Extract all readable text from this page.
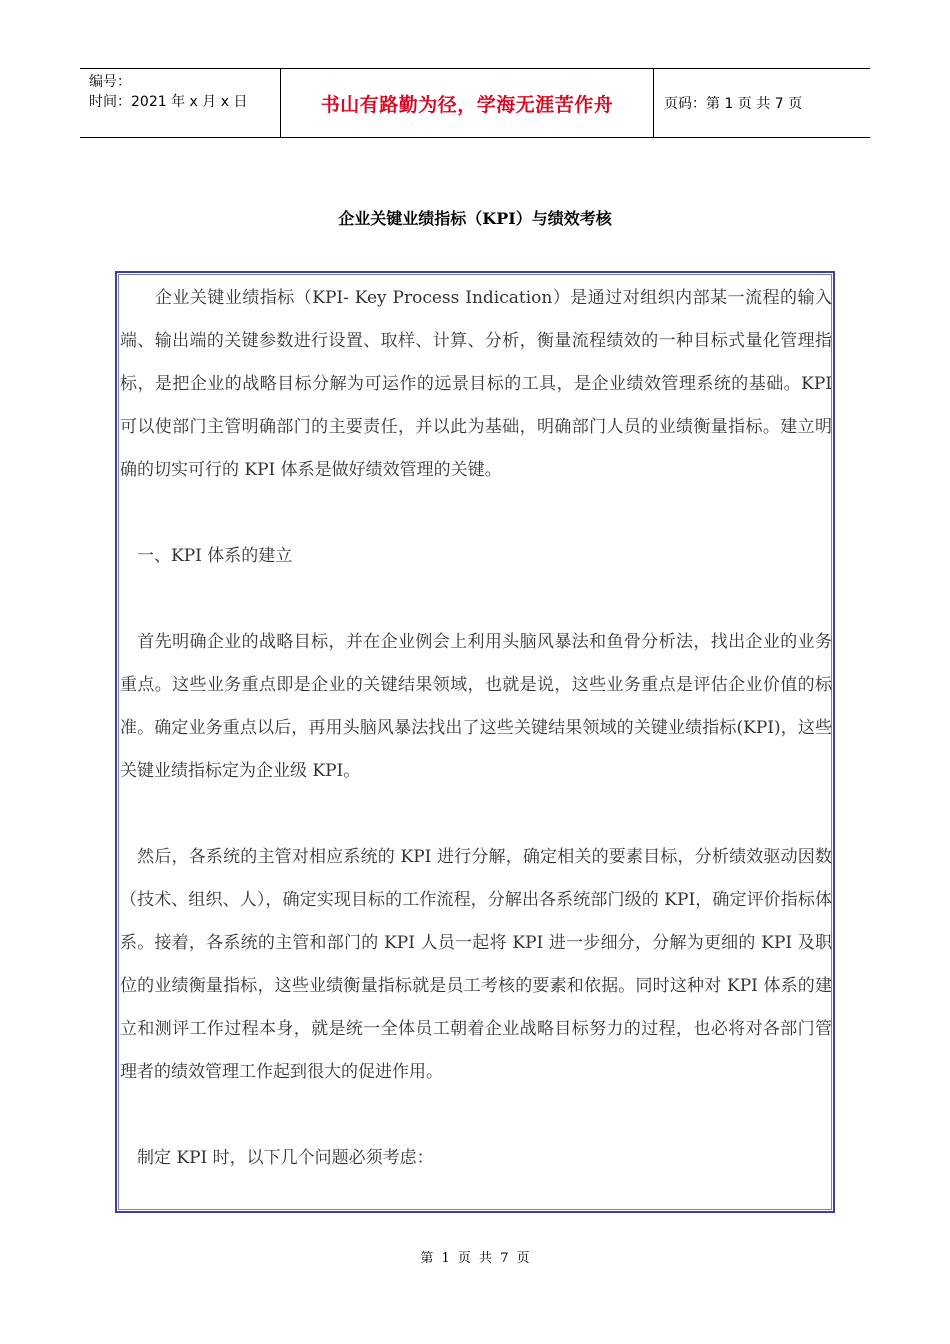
编号：
时间：2021 年 x 月 x 日	书山有路勤为径，学海无涯苦作舟	页码：第 1 页 共 7 页
企业关键业绩指标（KPI）与绩效考核

　　企业关键业绩指标（KPI- Key Process Indication）是通过对组织内部某一流程的输入端、输出端的关键参数进行设置、取样、计算、分析，衡量流程绩效的一种目标式量化管理指标，是把企业的战略目标分解为可运作的远景目标的工具，是企业绩效管理系统的基础。KPI 可以使部门主管明确部门的主要责任，并以此为基础，明确部门人员的业绩衡量指标。建立明确的切实可行的 KPI 体系是做好绩效管理的关键。

　一、KPI 体系的建立

　首先明确企业的战略目标，并在企业例会上利用头脑风暴法和鱼骨分析法，找出企业的业务重点。这些业务重点即是企业的关键结果领域，也就是说，这些业务重点是评估企业价值的标准。确定业务重点以后，再用头脑风暴法找出了这些关键结果领域的关键业绩指标(KPI)，这些关键业绩指标定为企业级 KPI。

　然后，各系统的主管对相应系统的 KPI 进行分解，确定相关的要素目标，分析绩效驱动因数（技术、组织、人），确定实现目标的工作流程，分解出各系统部门级的 KPI，确定评价指标体系。接着，各系统的主管和部门的 KPI 人员一起将 KPI 进一步细分，分解为更细的 KPI 及职位的业绩衡量指标，这些业绩衡量指标就是员工考核的要素和依据。同时这种对 KPI 体系的建立和测评工作过程本身，就是统一全体员工朝着企业战略目标努力的过程，也必将对各部门管理者的绩效管理工作起到很大的促进作用。

　制定 KPI 时，以下几个问题必须考虑：

第 1 页 共 7 页
